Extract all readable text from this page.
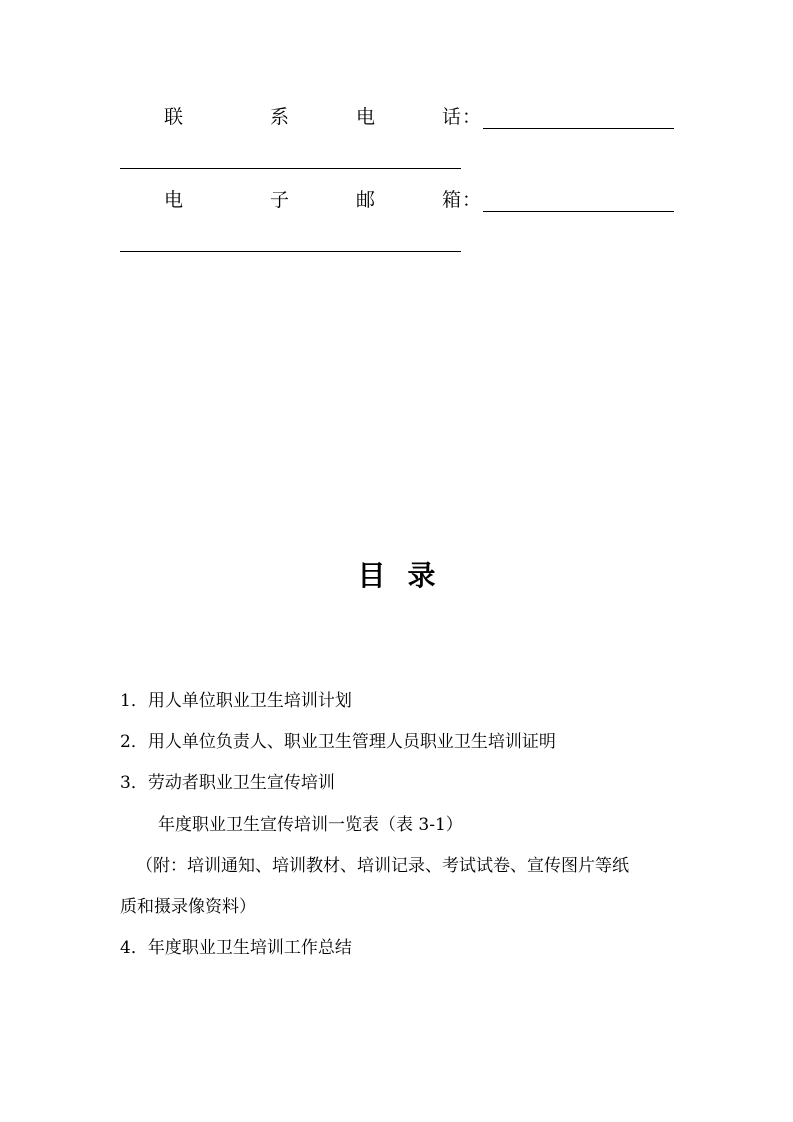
联	系	电	话 ：
电	子	邮	箱 ：
目录
1．用人单位职业卫生培训计划
2．用人单位负责人、职业卫生管理人员职业卫生培训证明
3．劳动者职业卫生宣传培训
年度职业卫生宣传培训一览表（表 3-1）
（附：培训通知、培训教材、培训记录、考试试卷、宣传图片等纸
质和摄录像资料）
4．年度职业卫生培训工作总结
